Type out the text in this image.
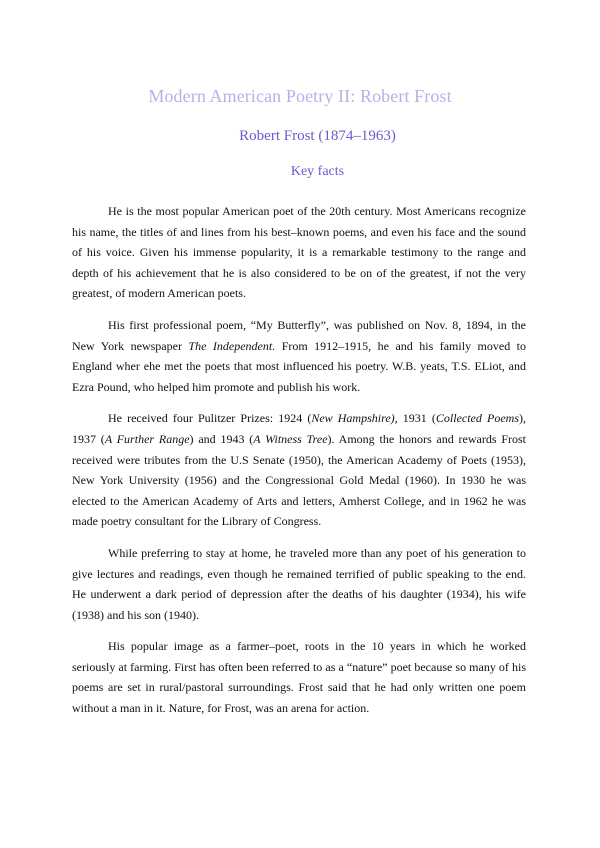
Modern American Poetry II: Robert Frost
Robert Frost (1874–1963)
Key facts

He is the most popular American poet of the 20th century. Most Americans recognize his name, the titles of and lines from his best–known poems, and even his face and the sound of his voice. Given his immense popularity, it is a remarkable testimony to the range and depth of his achievement that he is also considered to be on of the greatest, if not the very greatest, of modern American poets.

His first professional poem, “My Butterfly”, was published on Nov. 8, 1894, in the New York newspaper The Independent. From 1912–1915, he and his family moved to England wher ehe met the poets that most influenced his poetry. W.B. yeats, T.S. ELiot, and Ezra Pound, who helped him promote and publish his work.

He received four Pulitzer Prizes: 1924 (New Hampshire), 1931 (Collected Poems), 1937 (A Further Range) and 1943 (A Witness Tree). Among the honors and rewards Frost received were tributes from the U.S Senate (1950), the American Academy of Poets (1953), New York University (1956) and the Congressional Gold Medal (1960). In 1930 he was elected to the American Academy of Arts and letters, Amherst College, and in 1962 he was made poetry consultant for the Library of Congress.

While preferring to stay at home, he traveled more than any poet of his generation to give lectures and readings, even though he remained terrified of public speaking to the end. He underwent a dark period of depression after the deaths of his daughter (1934), his wife (1938) and his son (1940).

His popular image as a farmer–poet, roots in the 10 years in which he worked seriously at farming. First has often been referred to as a “nature” poet because so many of his poems are set in rural/pastoral surroundings. Frost said that he had only written one poem without a man in it. Nature, for Frost, was an arena for action.
